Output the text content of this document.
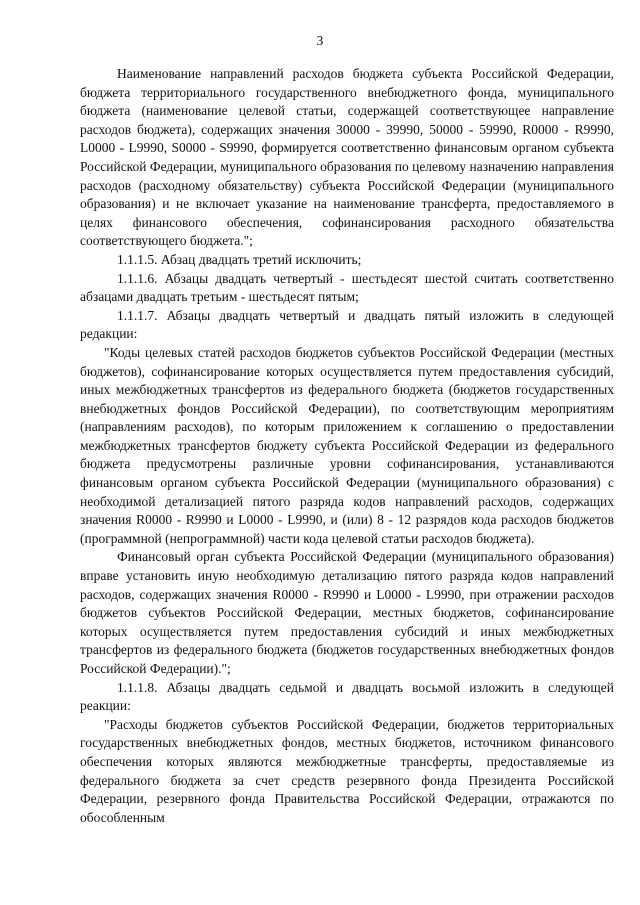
3

Наименование направлений расходов бюджета субъекта Российской Федерации, бюджета территориального государственного внебюджетного фонда, муниципального бюджета (наименование целевой статьи, содержащей соответствующее направление расходов бюджета), содержащих значения 30000 - 39990, 50000 - 59990, R0000 - R9990, L0000 - L9990, S0000 - S9990, формируется соответственно финансовым органом субъекта Российской Федерации, муниципального образования по целевому назначению направления расходов (расходному обязательству) субъекта Российской Федерации (муниципального образования) и не включает указание на наименование трансферта, предоставляемого в целях финансового обеспечения, софинансирования расходного обязательства соответствующего бюджета.";

1.1.1.5. Абзац двадцать третий исключить;

1.1.1.6. Абзацы двадцать четвертый - шестьдесят шестой считать соответственно абзацами двадцать третьим - шестьдесят пятым;

1.1.1.7. Абзацы двадцать четвертый и двадцать пятый изложить в следующей редакции:

"Коды целевых статей расходов бюджетов субъектов Российской Федерации (местных бюджетов), софинансирование которых осуществляется путем предоставления субсидий, иных межбюджетных трансфертов из федерального бюджета (бюджетов государственных внебюджетных фондов Российской Федерации), по соответствующим мероприятиям (направлениям расходов), по которым приложением к соглашению о предоставлении межбюджетных трансфертов бюджету субъекта Российской Федерации из федерального бюджета предусмотрены различные уровни софинансирования, устанавливаются финансовым органом субъекта Российской Федерации (муниципального образования) с необходимой детализацией пятого разряда кодов направлений расходов, содержащих значения R0000 - R9990 и L0000 - L9990, и (или) 8 - 12 разрядов кода расходов бюджетов (программной (непрограммной) части кода целевой статьи расходов бюджета).

Финансовый орган субъекта Российской Федерации (муниципального образования) вправе установить иную необходимую детализацию пятого разряда кодов направлений расходов, содержащих значения R0000 - R9990 и L0000 - L9990, при отражении расходов бюджетов субъектов Российской Федерации, местных бюджетов, софинансирование которых осуществляется путем предоставления субсидий и иных межбюджетных трансфертов из федерального бюджета (бюджетов государственных внебюджетных фондов Российской Федерации).";

1.1.1.8. Абзацы двадцать седьмой и двадцать восьмой изложить в следующей реакции:

"Расходы бюджетов субъектов Российской Федерации, бюджетов территориальных государственных внебюджетных фондов, местных бюджетов, источником финансового обеспечения которых являются межбюджетные трансферты, предоставляемые из федерального бюджета за счет средств резервного фонда Президента Российской Федерации, резервного фонда Правительства Российской Федерации, отражаются по обособленным
